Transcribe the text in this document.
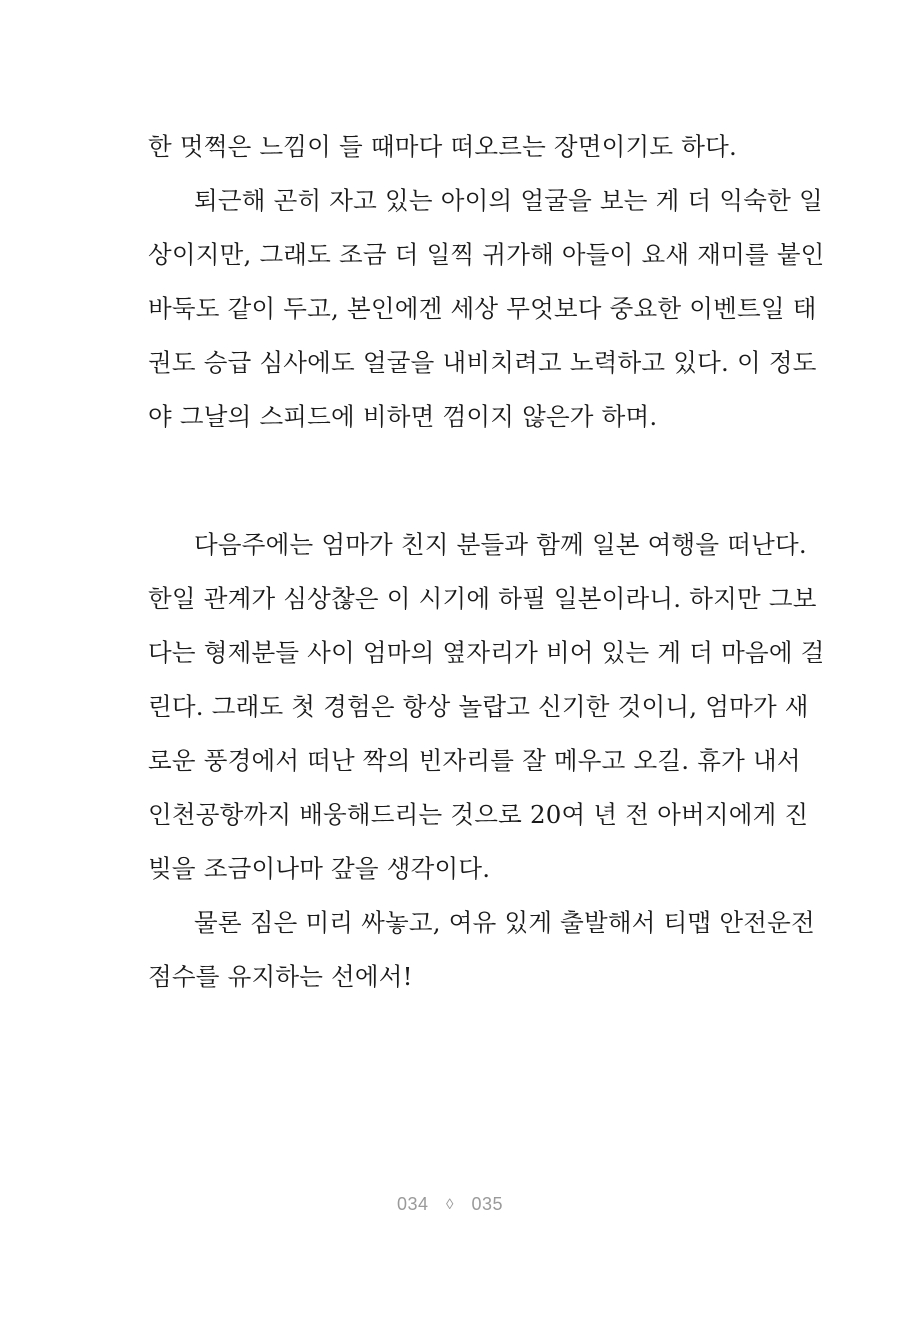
한 멋쩍은 느낌이 들 때마다 떠오르는 장면이기도 하다.
퇴근해 곤히 자고 있는 아이의 얼굴을 보는 게 더 익숙한 일
상이지만, 그래도 조금 더 일찍 귀가해 아들이 요새 재미를 붙인
바둑도 같이 두고, 본인에겐 세상 무엇보다 중요한 이벤트일 태
권도 승급 심사에도 얼굴을 내비치려고 노력하고 있다. 이 정도
야 그날의 스피드에 비하면 껌이지 않은가 하며.
다음주에는 엄마가 친지 분들과 함께 일본 여행을 떠난다.
한일 관계가 심상찮은 이 시기에 하필 일본이라니. 하지만 그보
다는 형제분들 사이 엄마의 옆자리가 비어 있는 게 더 마음에 걸
린다. 그래도 첫 경험은 항상 놀랍고 신기한 것이니, 엄마가 새
로운 풍경에서 떠난 짝의 빈자리를 잘 메우고 오길. 휴가 내서
인천공항까지 배웅해드리는 것으로 20여 년 전 아버지에게 진
빚을 조금이나마 갚을 생각이다.
물론 짐은 미리 싸놓고, 여유 있게 출발해서 티맵 안전운전
점수를 유지하는 선에서!
034 ◊ 035
